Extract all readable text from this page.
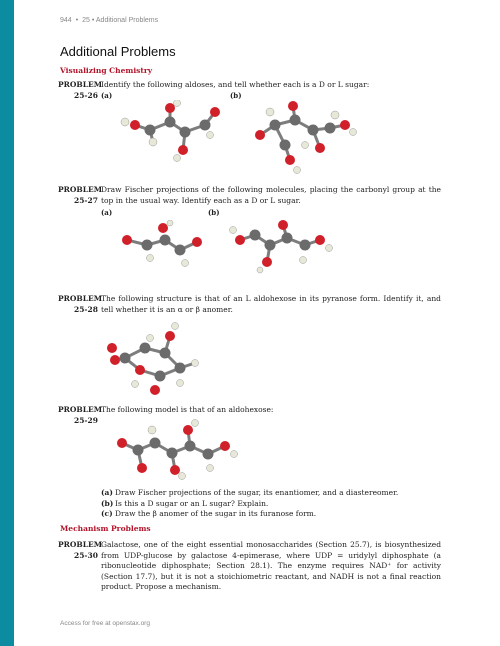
944 • 25 • Additional Problems
Additional Problems
Visualizing Chemistry
PROBLEM
25-26
Identify the following aldoses, and tell whether each is a D or L sugar:
(a)	(b)
PROBLEM
25-27
Draw Fischer projections of the following molecules, placing the carbonyl group at the top in the usual way. Identify each as a D or L sugar.
(a)	(b)
PROBLEM
25-28
The following structure is that of an L aldohexose in its pyranose form. Identify it, and tell whether it is an α or β anomer.
PROBLEM
25-29
The following model is that of an aldohexose:
(a) Draw Fischer projections of the sugar, its enantiomer, and a diastereomer.
(b) Is this a D sugar or an L sugar? Explain.
(c) Draw the β anomer of the sugar in its furanose form.
Mechanism Problems
PROBLEM
25-30
Galactose, one of the eight essential monosaccharides (Section 25.7), is biosynthesized from UDP-glucose by galactose 4-epimerase, where UDP = uridylyl diphosphate (a ribonucleotide diphosphate; Section 28.1). The enzyme requires NAD⁺ for activity (Section 17.7), but it is not a stoichiometric reactant, and NADH is not a final reaction product. Propose a mechanism.
Access for free at openstax.org
